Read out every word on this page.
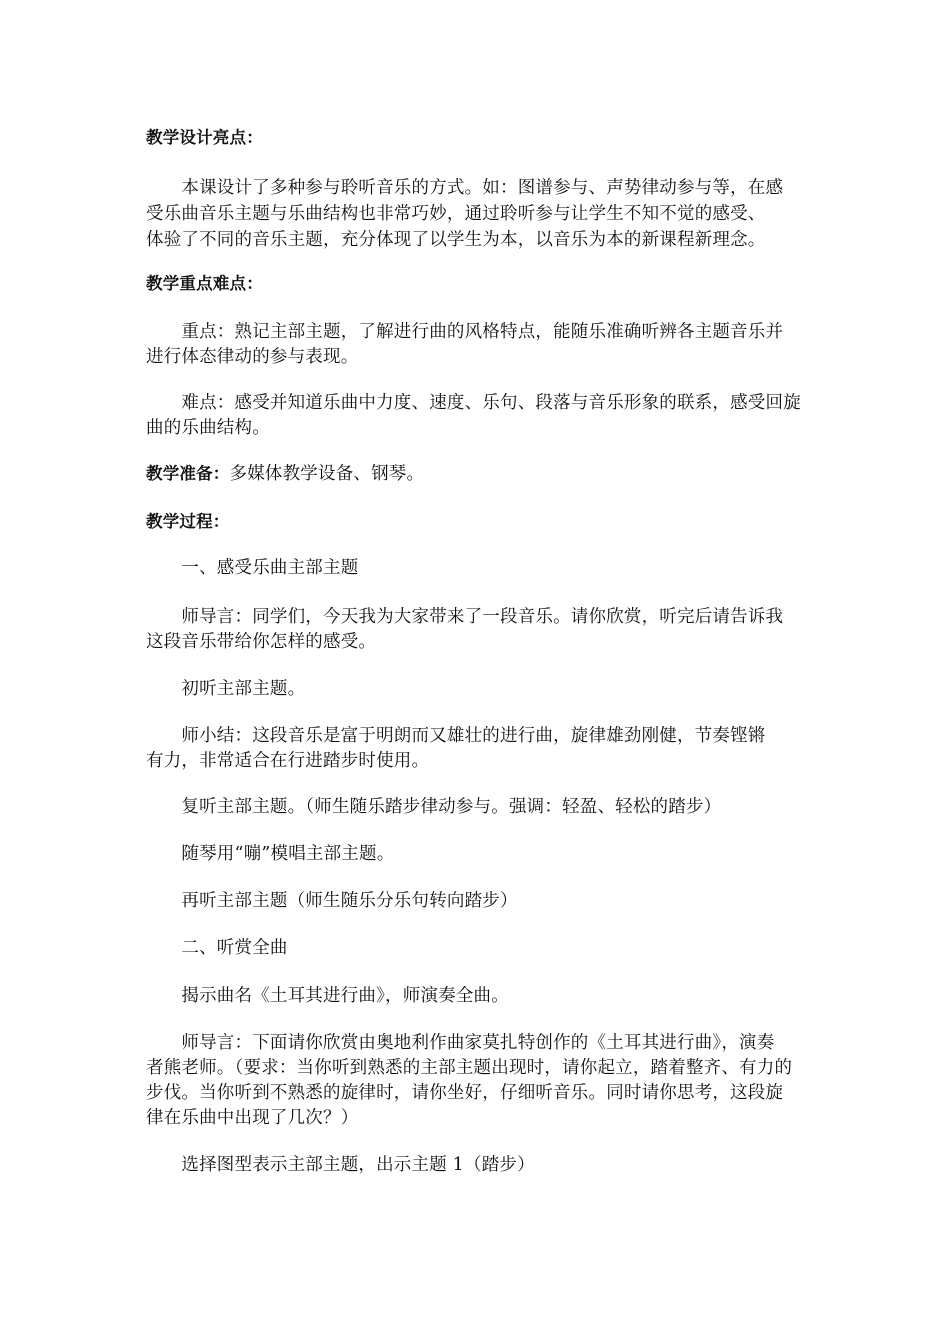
教学设计亮点：
　　本课设计了多种参与聆听音乐的方式。如：图谱参与、声势律动参与等，在感
受乐曲音乐主题与乐曲结构也非常巧妙，通过聆听参与让学生不知不觉的感受、
体验了不同的音乐主题，充分体现了以学生为本，以音乐为本的新课程新理念。
教学重点难点：
　　重点：熟记主部主题，了解进行曲的风格特点，能随乐准确听辨各主题音乐并
进行体态律动的参与表现。
　　难点：感受并知道乐曲中力度、速度、乐句、段落与音乐形象的联系，感受回旋
曲的乐曲结构。
教学准备：多媒体教学设备、钢琴。
教学过程：
　　一、感受乐曲主部主题
　　师导言：同学们，今天我为大家带来了一段音乐。请你欣赏，听完后请告诉我
这段音乐带给你怎样的感受。
　　初听主部主题。
　　师小结：这段音乐是富于明朗而又雄壮的进行曲，旋律雄劲刚健，节奏铿锵
有力，非常适合在行进踏步时使用。
　　复听主部主题。（师生随乐踏步律动参与。强调：轻盈、轻松的踏步）
　　随琴用“嘣”模唱主部主题。
　　再听主部主题（师生随乐分乐句转向踏步）
　　二、听赏全曲
　　揭示曲名《土耳其进行曲》，师演奏全曲。
　　师导言：下面请你欣赏由奥地利作曲家莫扎特创作的《土耳其进行曲》，演奏
者熊老师。（要求：当你听到熟悉的主部主题出现时，请你起立，踏着整齐、有力的
步伐。当你听到不熟悉的旋律时，请你坐好，仔细听音乐。同时请你思考，这段旋
律在乐曲中出现了几次？）
　　选择图型表示主部主题，出示主题 1（踏步）
